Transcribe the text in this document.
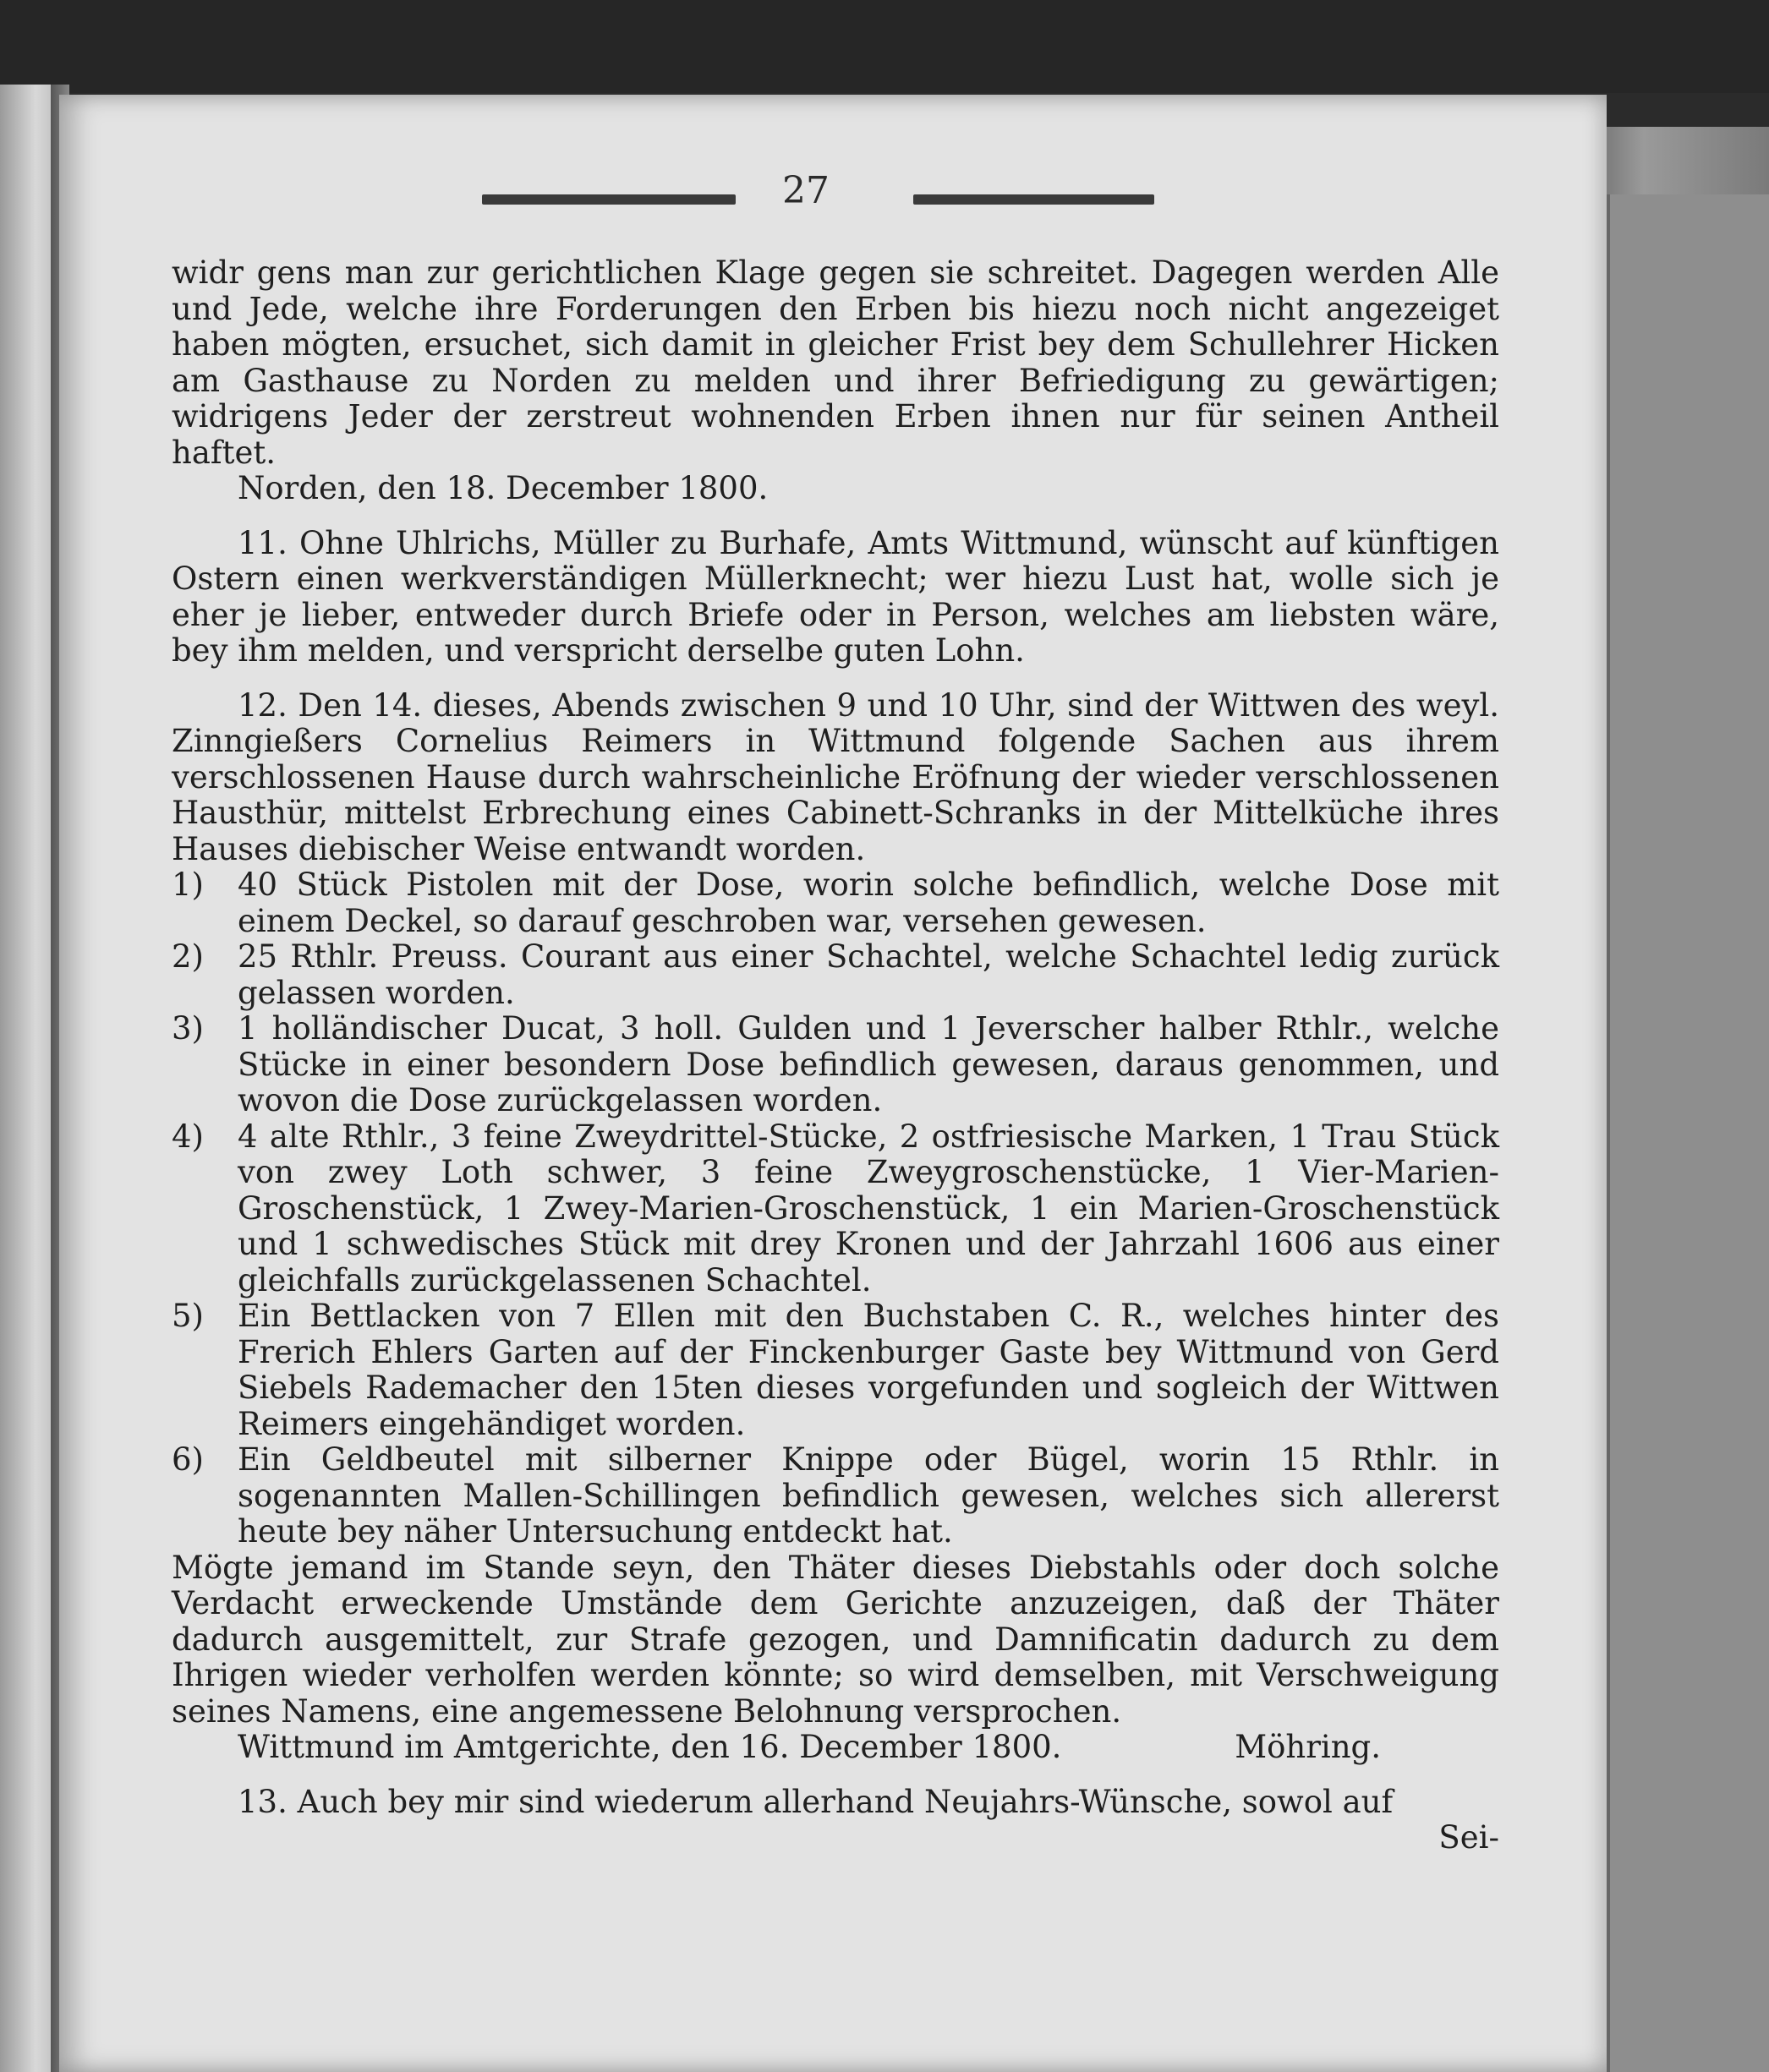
27

widr gens man zur gerichtlichen Klage gegen sie schreitet. Dagegen werden Alle und Jede, welche ihre Forderungen den Erben bis hiezu noch nicht angezeiget haben mögten, ersuchet, sich damit in gleicher Frist bey dem Schullehrer Hicken am Gasthause zu Norden zu melden und ihrer Befriedigung zu gewärtigen; widrigens Jeder der zerstreut wohnenden Erben ihnen nur für seinen Antheil haftet.

Norden, den 18. December 1800.

11. Ohne Uhlrichs, Müller zu Burhafe, Amts Wittmund, wünscht auf künftigen Ostern einen werkverständigen Müllerknecht; wer hiezu Lust hat, wolle sich je eher je lieber, entweder durch Briefe oder in Person, welches am liebsten wäre, bey ihm melden, und verspricht derselbe guten Lohn.

12. Den 14. dieses, Abends zwischen 9 und 10 Uhr, sind der Wittwen des weyl. Zinngießers Cornelius Reimers in Wittmund folgende Sachen aus ihrem verschlossenen Hause durch wahrscheinliche Eröfnung der wieder verschlossenen Hausthür, mittelst Erbrechung eines Cabinett-Schranks in der Mittelküche ihres Hauses diebischer Weise entwandt worden.

1)	40 Stück Pistolen mit der Dose, worin solche befindlich, welche Dose mit einem Deckel, so darauf geschroben war, versehen gewesen.
2)	25 Rthlr. Preuss. Courant aus einer Schachtel, welche Schachtel ledig zurück gelassen worden.
3)	1 holländischer Ducat, 3 holl. Gulden und 1 Jeverscher halber Rthlr., welche Stücke in einer besondern Dose befindlich gewesen, daraus genommen, und wovon die Dose zurückgelassen worden.
4)	4 alte Rthlr., 3 feine Zweydrittel-Stücke, 2 ostfriesische Marken, 1 Trau Stück von zwey Loth schwer, 3 feine Zweygroschenstücke, 1 Vier-Marien-Groschenstück, 1 Zwey-Marien-Groschenstück, 1 ein Marien-Groschenstück und 1 schwedisches Stück mit drey Kronen und der Jahrzahl 1606 aus einer gleichfalls zurückgelassenen Schachtel.
5)	Ein Bettlacken von 7 Ellen mit den Buchstaben C. R., welches hinter des Frerich Ehlers Garten auf der Finckenburger Gaste bey Wittmund von Gerd Siebels Rademacher den 15ten dieses vorgefunden und sogleich der Wittwen Reimers eingehändiget worden.
6)	Ein Geldbeutel mit silberner Knippe oder Bügel, worin 15 Rthlr. in sogenannten Mallen-Schillingen befindlich gewesen, welches sich allererst heute bey näher Untersuchung entdeckt hat.

Mögte jemand im Stande seyn, den Thäter dieses Diebstahls oder doch solche Verdacht erweckende Umstände dem Gerichte anzuzeigen, daß der Thäter dadurch ausgemittelt, zur Strafe gezogen, und Damnificatin dadurch zu dem Ihrigen wieder verholfen werden könnte; so wird demselben, mit Verschweigung seines Namens, eine angemessene Belohnung versprochen.

Wittmund im Amtgerichte, den 16. December 1800.	Möhring.

13. Auch bey mir sind wiederum allerhand Neujahrs-Wünsche, sowol auf

Sei-
